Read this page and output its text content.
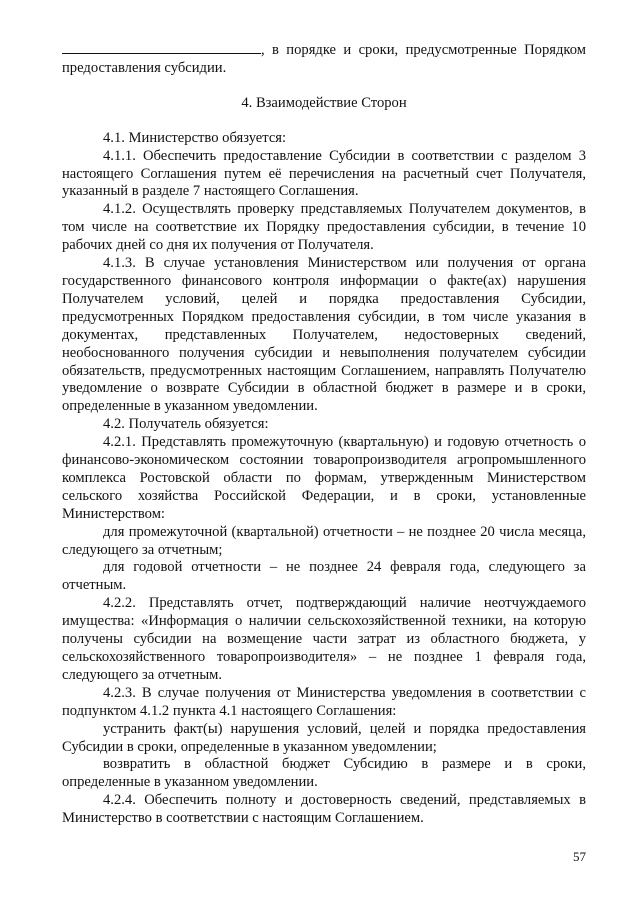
, в порядке и сроки, предусмотренные Порядком предоставления субсидии.

4. Взаимодействие Сторон

4.1. Министерство обязуется:

4.1.1. Обеспечить предоставление Субсидии в соответствии с разделом 3 настоящего Соглашения путем её перечисления на расчетный счет Получателя, указанный в разделе 7 настоящего Соглашения.

4.1.2. Осуществлять проверку представляемых Получателем документов, в том числе на соответствие их Порядку предоставления субсидии, в течение 10 рабочих дней со дня их получения от Получателя.

4.1.3. В случае установления Министерством или получения от органа государственного финансового контроля информации о факте(ах) нарушения Получателем условий, целей и порядка предоставления Субсидии, предусмотренных Порядком предоставления субсидии, в том числе указания в документах, представленных Получателем, недостоверных сведений, необоснованного получения субсидии и невыполнения получателем субсидии обязательств, предусмотренных настоящим Соглашением, направлять Получателю уведомление о возврате Субсидии в областной бюджет в размере и в сроки, определенные в указанном уведомлении.

4.2. Получатель обязуется:

4.2.1. Представлять промежуточную (квартальную) и годовую отчетность о финансово-экономическом состоянии товаропроизводителя агропромышленного комплекса Ростовской области по формам, утвержденным Министерством сельского хозяйства Российской Федерации, и в сроки, установленные Министерством:

для промежуточной (квартальной) отчетности – не позднее 20 числа месяца, следующего за отчетным;

для годовой отчетности – не позднее 24 февраля года, следующего за отчетным.

4.2.2. Представлять отчет, подтверждающий наличие неотчуждаемого имущества: «Информация о наличии сельскохозяйственной техники, на которую получены субсидии на возмещение части затрат из областного бюджета, у сельскохозяйственного товаропроизводителя» – не позднее 1 февраля года, следующего за отчетным.

4.2.3. В случае получения от Министерства уведомления в соответствии с подпунктом 4.1.2 пункта 4.1 настоящего Соглашения:

устранить факт(ы) нарушения условий, целей и порядка предоставления Субсидии в сроки, определенные в указанном уведомлении;

возвратить в областной бюджет Субсидию в размере и в сроки, определенные в указанном уведомлении.

4.2.4. Обеспечить полноту и достоверность сведений, представляемых в Министерство в соответствии с настоящим Соглашением.

57
